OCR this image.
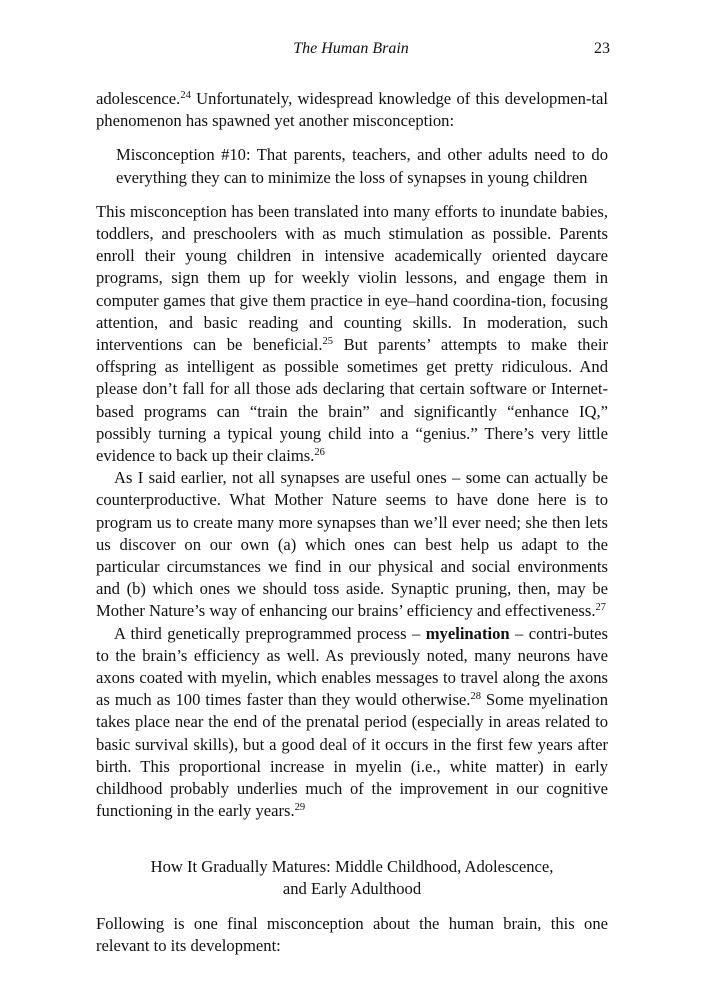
The Human Brain	23

adolescence.$^{24}$ Unfortunately, widespread knowledge of this developmen-tal phenomenon has spawned yet another misconception:

Misconception #10: That parents, teachers, and other adults need to do everything they can to minimize the loss of synapses in young children

This misconception has been translated into many efforts to inundate babies, toddlers, and preschoolers with as much stimulation as possible. Parents enroll their young children in intensive academically oriented daycare programs, sign them up for weekly violin lessons, and engage them in computer games that give them practice in eye–hand coordina-tion, focusing attention, and basic reading and counting skills. In moderation, such interventions can be beneficial.$^{25}$ But parents’ attempts to make their offspring as intelligent as possible sometimes get pretty ridiculous. And please don’t fall for all those ads declaring that certain software or Internet-based programs can “train the brain” and significantly “enhance IQ,” possibly turning a typical young child into a “genius.” There’s very little evidence to back up their claims.$^{26}$

As I said earlier, not all synapses are useful ones – some can actually be counterproductive. What Mother Nature seems to have done here is to program us to create many more synapses than we’ll ever need; she then lets us discover on our own (a) which ones can best help us adapt to the particular circumstances we find in our physical and social environments and (b) which ones we should toss aside. Synaptic pruning, then, may be Mother Nature’s way of enhancing our brains’ efficiency and effectiveness.$^{27}$

A third genetically preprogrammed process – myelination – contri-butes to the brain’s efficiency as well. As previously noted, many neurons have axons coated with myelin, which enables messages to travel along the axons as much as 100 times faster than they would otherwise.$^{28}$ Some myelination takes place near the end of the prenatal period (especially in areas related to basic survival skills), but a good deal of it occurs in the first few years after birth. This proportional increase in myelin (i.e., white matter) in early childhood probably underlies much of the improvement in our cognitive functioning in the early years.$^{29}$

How It Gradually Matures: Middle Childhood, Adolescence,
and Early Adulthood

Following is one final misconception about the human brain, this one relevant to its development:
